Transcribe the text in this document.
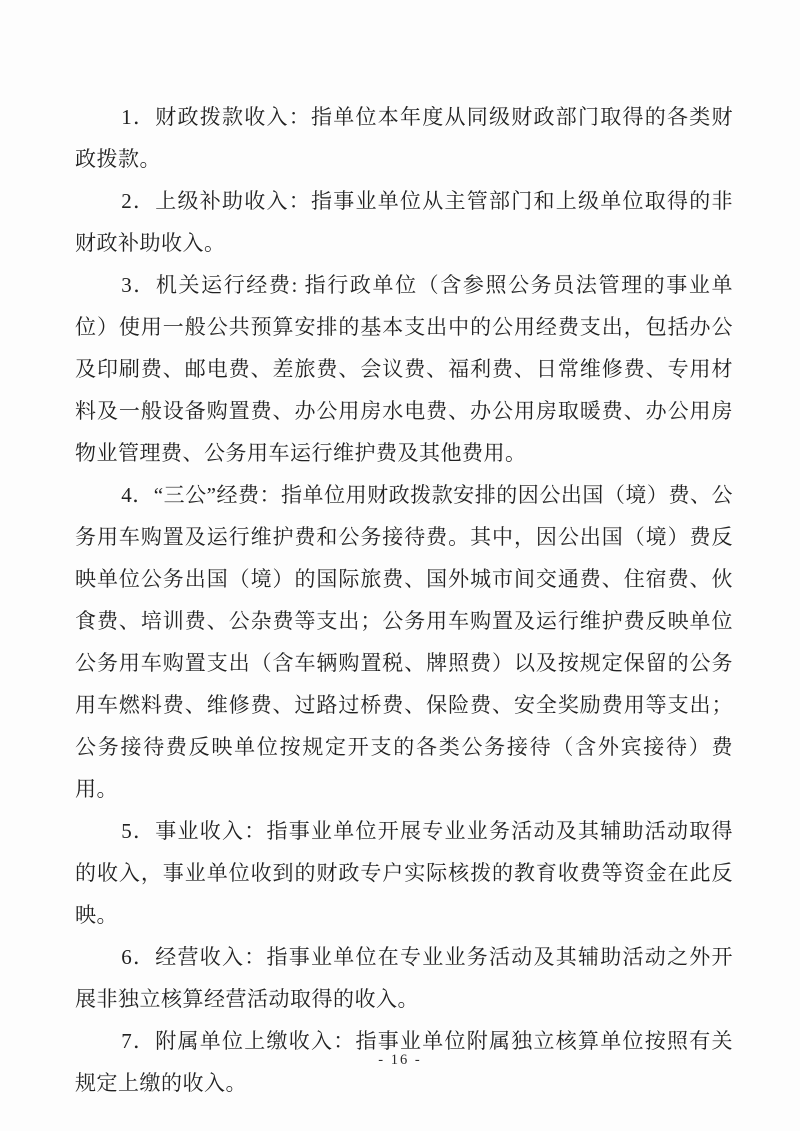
1．财政拨款收入：指单位本年度从同级财政部门取得的各类财政拨款。

2．上级补助收入：指事业单位从主管部门和上级单位取得的非财政补助收入。

3．机关运行经费: 指行政单位（含参照公务员法管理的事业单位）使用一般公共预算安排的基本支出中的公用经费支出，包括办公及印刷费、邮电费、差旅费、会议费、福利费、日常维修费、专用材料及一般设备购置费、办公用房水电费、办公用房取暖费、办公用房物业管理费、公务用车运行维护费及其他费用。

4．“三公”经费：指单位用财政拨款安排的因公出国（境）费、公务用车购置及运行维护费和公务接待费。其中，因公出国（境）费反映单位公务出国（境）的国际旅费、国外城市间交通费、住宿费、伙食费、培训费、公杂费等支出；公务用车购置及运行维护费反映单位公务用车购置支出（含车辆购置税、牌照费）以及按规定保留的公务用车燃料费、维修费、过路过桥费、保险费、安全奖励费用等支出；公务接待费反映单位按规定开支的各类公务接待（含外宾接待）费用。

5．事业收入：指事业单位开展专业业务活动及其辅助活动取得的收入，事业单位收到的财政专户实际核拨的教育收费等资金在此反映。

6．经营收入：指事业单位在专业业务活动及其辅助活动之外开展非独立核算经营活动取得的收入。

7．附属单位上缴收入：指事业单位附属独立核算单位按照有关规定上缴的收入。

- 16 -
